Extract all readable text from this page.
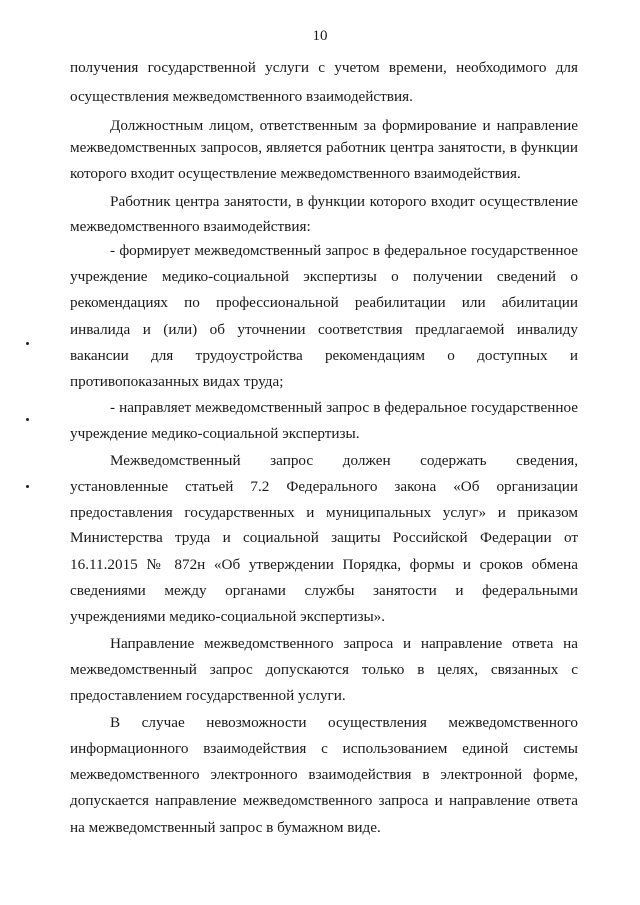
10
получения государственной услуги с учетом времени, необходимого для
осуществления межведомственного взаимодействия.
Должностным лицом, ответственным за формирование и направление
межведомственных запросов, является работник центра занятости, в функции
которого входит осуществление межведомственного взаимодействия.
Работник центра занятости, в функции которого входит осуществление
межведомственного взаимодействия:
- формирует межведомственный запрос в федеральное государственное
учреждение медико-социальной экспертизы о получении сведений о
рекомендациях по профессиональной реабилитации или абилитации
инвалида и (или) об уточнении соответствия предлагаемой инвалиду
вакансии для трудоустройства рекомендациям о доступных и
противопоказанных видах труда;
- направляет межведомственный запрос в федеральное государственное
учреждение медико-социальной экспертизы.
Межведомственный запрос должен содержать сведения,
установленные статьей 7.2 Федерального закона «Об организации
предоставления государственных и муниципальных услуг» и приказом
Министерства труда и социальной защиты Российской Федерации от
16.11.2015 № 872н «Об утверждении Порядка, формы и сроков обмена
сведениями между органами службы занятости и федеральными
учреждениями медико-социальной экспертизы».
Направление межведомственного запроса и направление ответа на
межведомственный запрос допускаются только в целях, связанных с
предоставлением государственной услуги.
В случае невозможности осуществления межведомственного
информационного взаимодействия с использованием единой системы
межведомственного электронного взаимодействия в электронной форме,
допускается направление межведомственного запроса и направление ответа
на межведомственный запрос в бумажном виде.
